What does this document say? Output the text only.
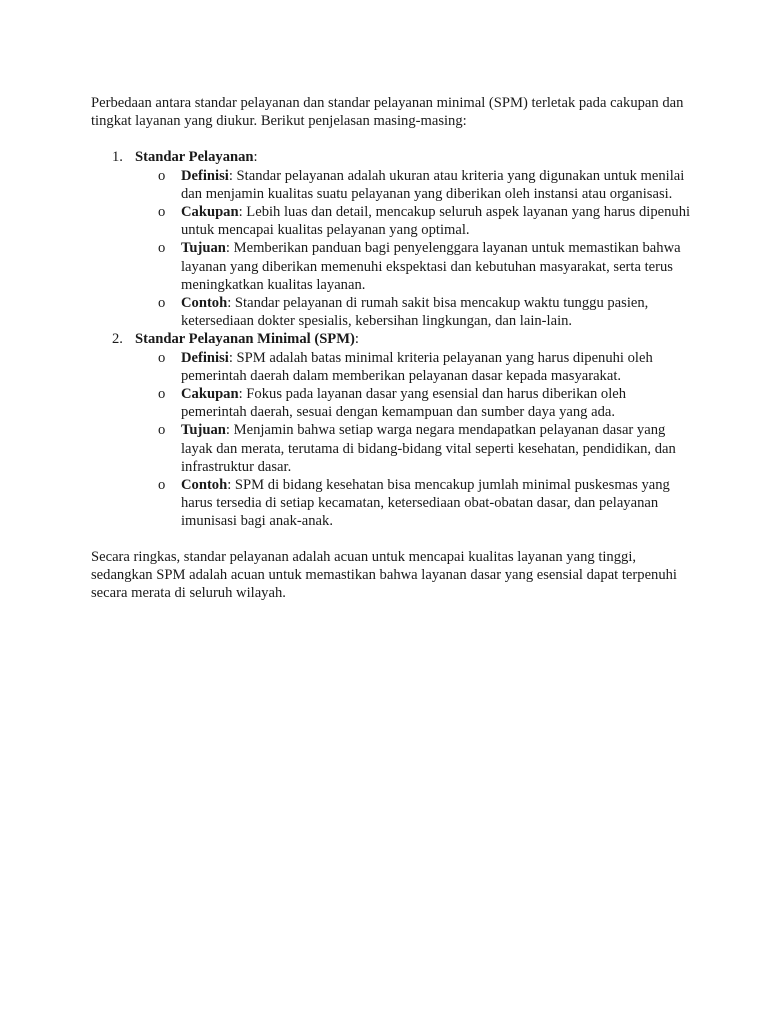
Perbedaan antara standar pelayanan dan standar pelayanan minimal (SPM) terletak pada cakupan dan tingkat layanan yang diukur. Berikut penjelasan masing-masing:

1. Standar Pelayanan:
o Definisi: Standar pelayanan adalah ukuran atau kriteria yang digunakan untuk menilai dan menjamin kualitas suatu pelayanan yang diberikan oleh instansi atau organisasi.
o Cakupan: Lebih luas dan detail, mencakup seluruh aspek layanan yang harus dipenuhi untuk mencapai kualitas pelayanan yang optimal.
o Tujuan: Memberikan panduan bagi penyelenggara layanan untuk memastikan bahwa layanan yang diberikan memenuhi ekspektasi dan kebutuhan masyarakat, serta terus meningkatkan kualitas layanan.
o Contoh: Standar pelayanan di rumah sakit bisa mencakup waktu tunggu pasien, ketersediaan dokter spesialis, kebersihan lingkungan, dan lain-lain.
2. Standar Pelayanan Minimal (SPM):
o Definisi: SPM adalah batas minimal kriteria pelayanan yang harus dipenuhi oleh pemerintah daerah dalam memberikan pelayanan dasar kepada masyarakat.
o Cakupan: Fokus pada layanan dasar yang esensial dan harus diberikan oleh pemerintah daerah, sesuai dengan kemampuan dan sumber daya yang ada.
o Tujuan: Menjamin bahwa setiap warga negara mendapatkan pelayanan dasar yang layak dan merata, terutama di bidang-bidang vital seperti kesehatan, pendidikan, dan infrastruktur dasar.
o Contoh: SPM di bidang kesehatan bisa mencakup jumlah minimal puskesmas yang harus tersedia di setiap kecamatan, ketersediaan obat-obatan dasar, dan pelayanan imunisasi bagi anak-anak.

Secara ringkas, standar pelayanan adalah acuan untuk mencapai kualitas layanan yang tinggi, sedangkan SPM adalah acuan untuk memastikan bahwa layanan dasar yang esensial dapat terpenuhi secara merata di seluruh wilayah.
